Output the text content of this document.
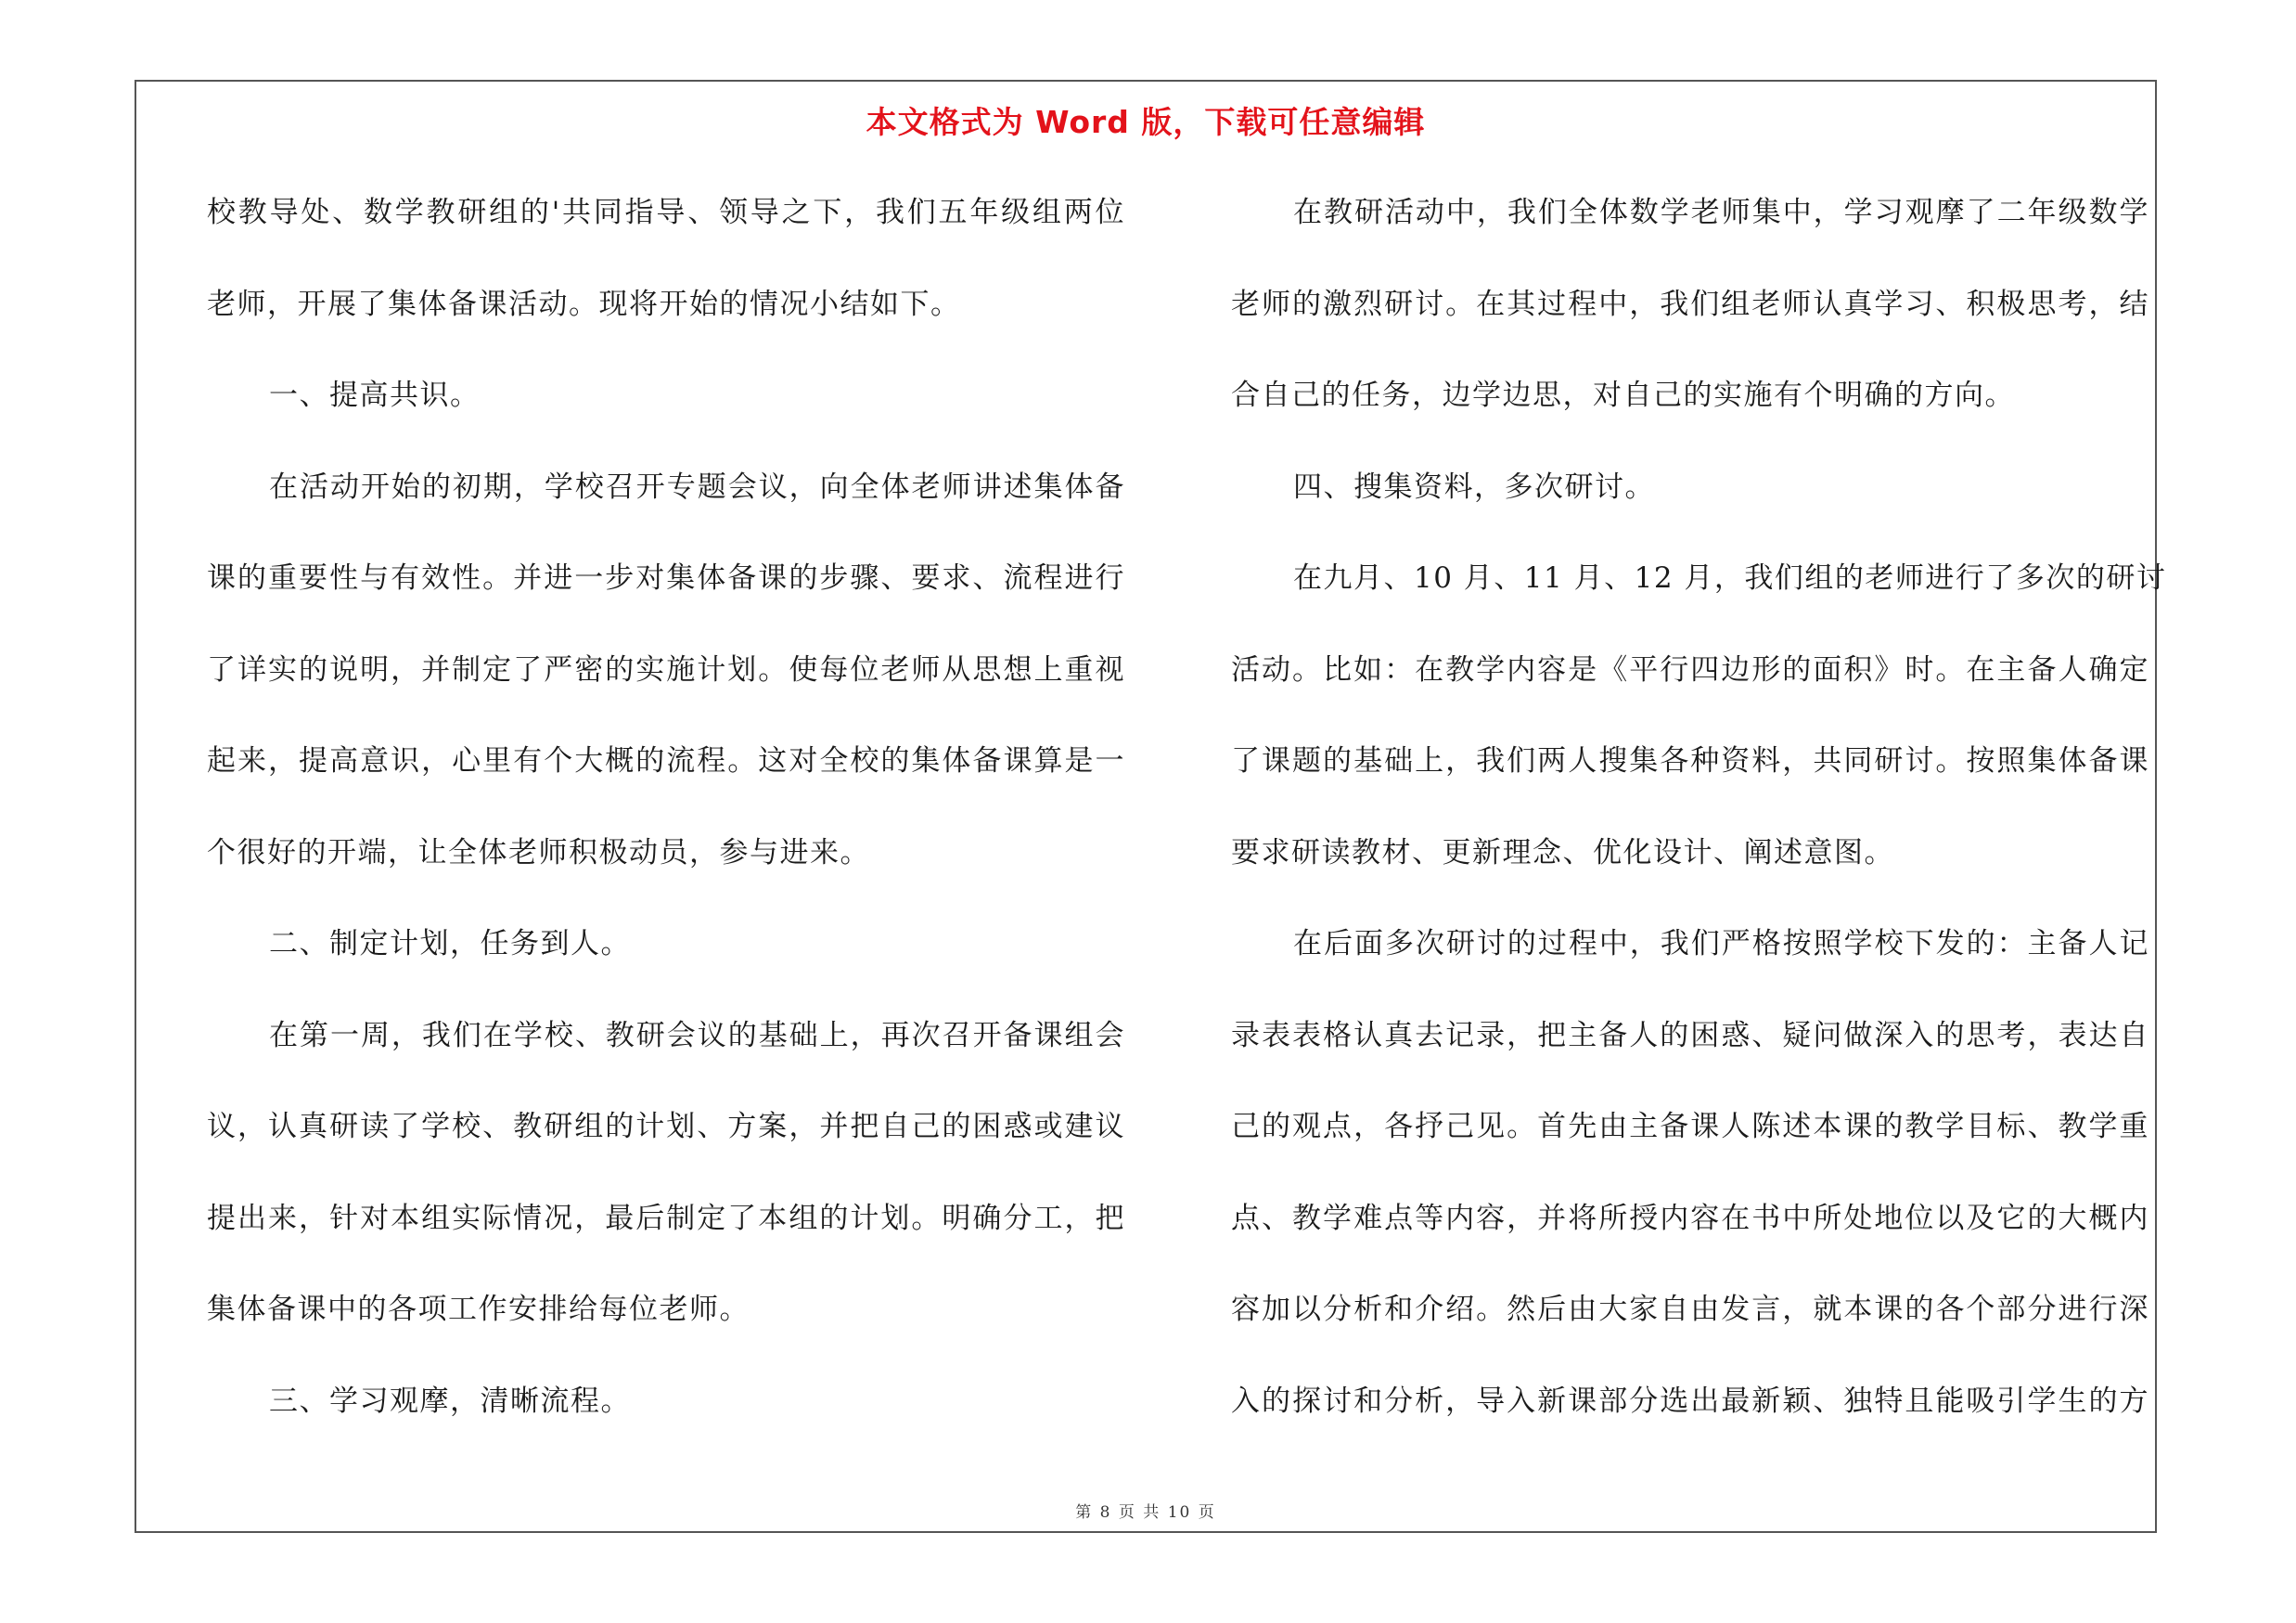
本文格式为 Word 版，下载可任意编辑
校教导处、数学教研组的'共同指导、领导之下，我们五年级组两位
老师，开展了集体备课活动。现将开始的情况小结如下。
一、提高共识。
在活动开始的初期，学校召开专题会议，向全体老师讲述集体备
课的重要性与有效性。并进一步对集体备课的步骤、要求、流程进行
了详实的说明，并制定了严密的实施计划。使每位老师从思想上重视
起来，提高意识，心里有个大概的流程。这对全校的集体备课算是一
个很好的开端，让全体老师积极动员，参与进来。
二、制定计划，任务到人。
在第一周，我们在学校、教研会议的基础上，再次召开备课组会
议，认真研读了学校、教研组的计划、方案，并把自己的困惑或建议
提出来，针对本组实际情况，最后制定了本组的计划。明确分工，把
集体备课中的各项工作安排给每位老师。
三、学习观摩，清晰流程。
在教研活动中，我们全体数学老师集中，学习观摩了二年级数学
老师的激烈研讨。在其过程中，我们组老师认真学习、积极思考，结
合自己的任务，边学边思，对自己的实施有个明确的方向。
四、搜集资料，多次研讨。
在九月、10 月、11 月、12 月，我们组的老师进行了多次的研讨
活动。比如：在教学内容是《平行四边形的面积》时。在主备人确定
了课题的基础上，我们两人搜集各种资料，共同研讨。按照集体备课
要求研读教材、更新理念、优化设计、阐述意图。
在后面多次研讨的过程中，我们严格按照学校下发的：主备人记
录表表格认真去记录，把主备人的困惑、疑问做深入的思考，表达自
己的观点，各抒己见。首先由主备课人陈述本课的教学目标、教学重
点、教学难点等内容，并将所授内容在书中所处地位以及它的大概内
容加以分析和介绍。然后由大家自由发言，就本课的各个部分进行深
入的探讨和分析，导入新课部分选出最新颖、独特且能吸引学生的方
第 8 页 共 10 页
